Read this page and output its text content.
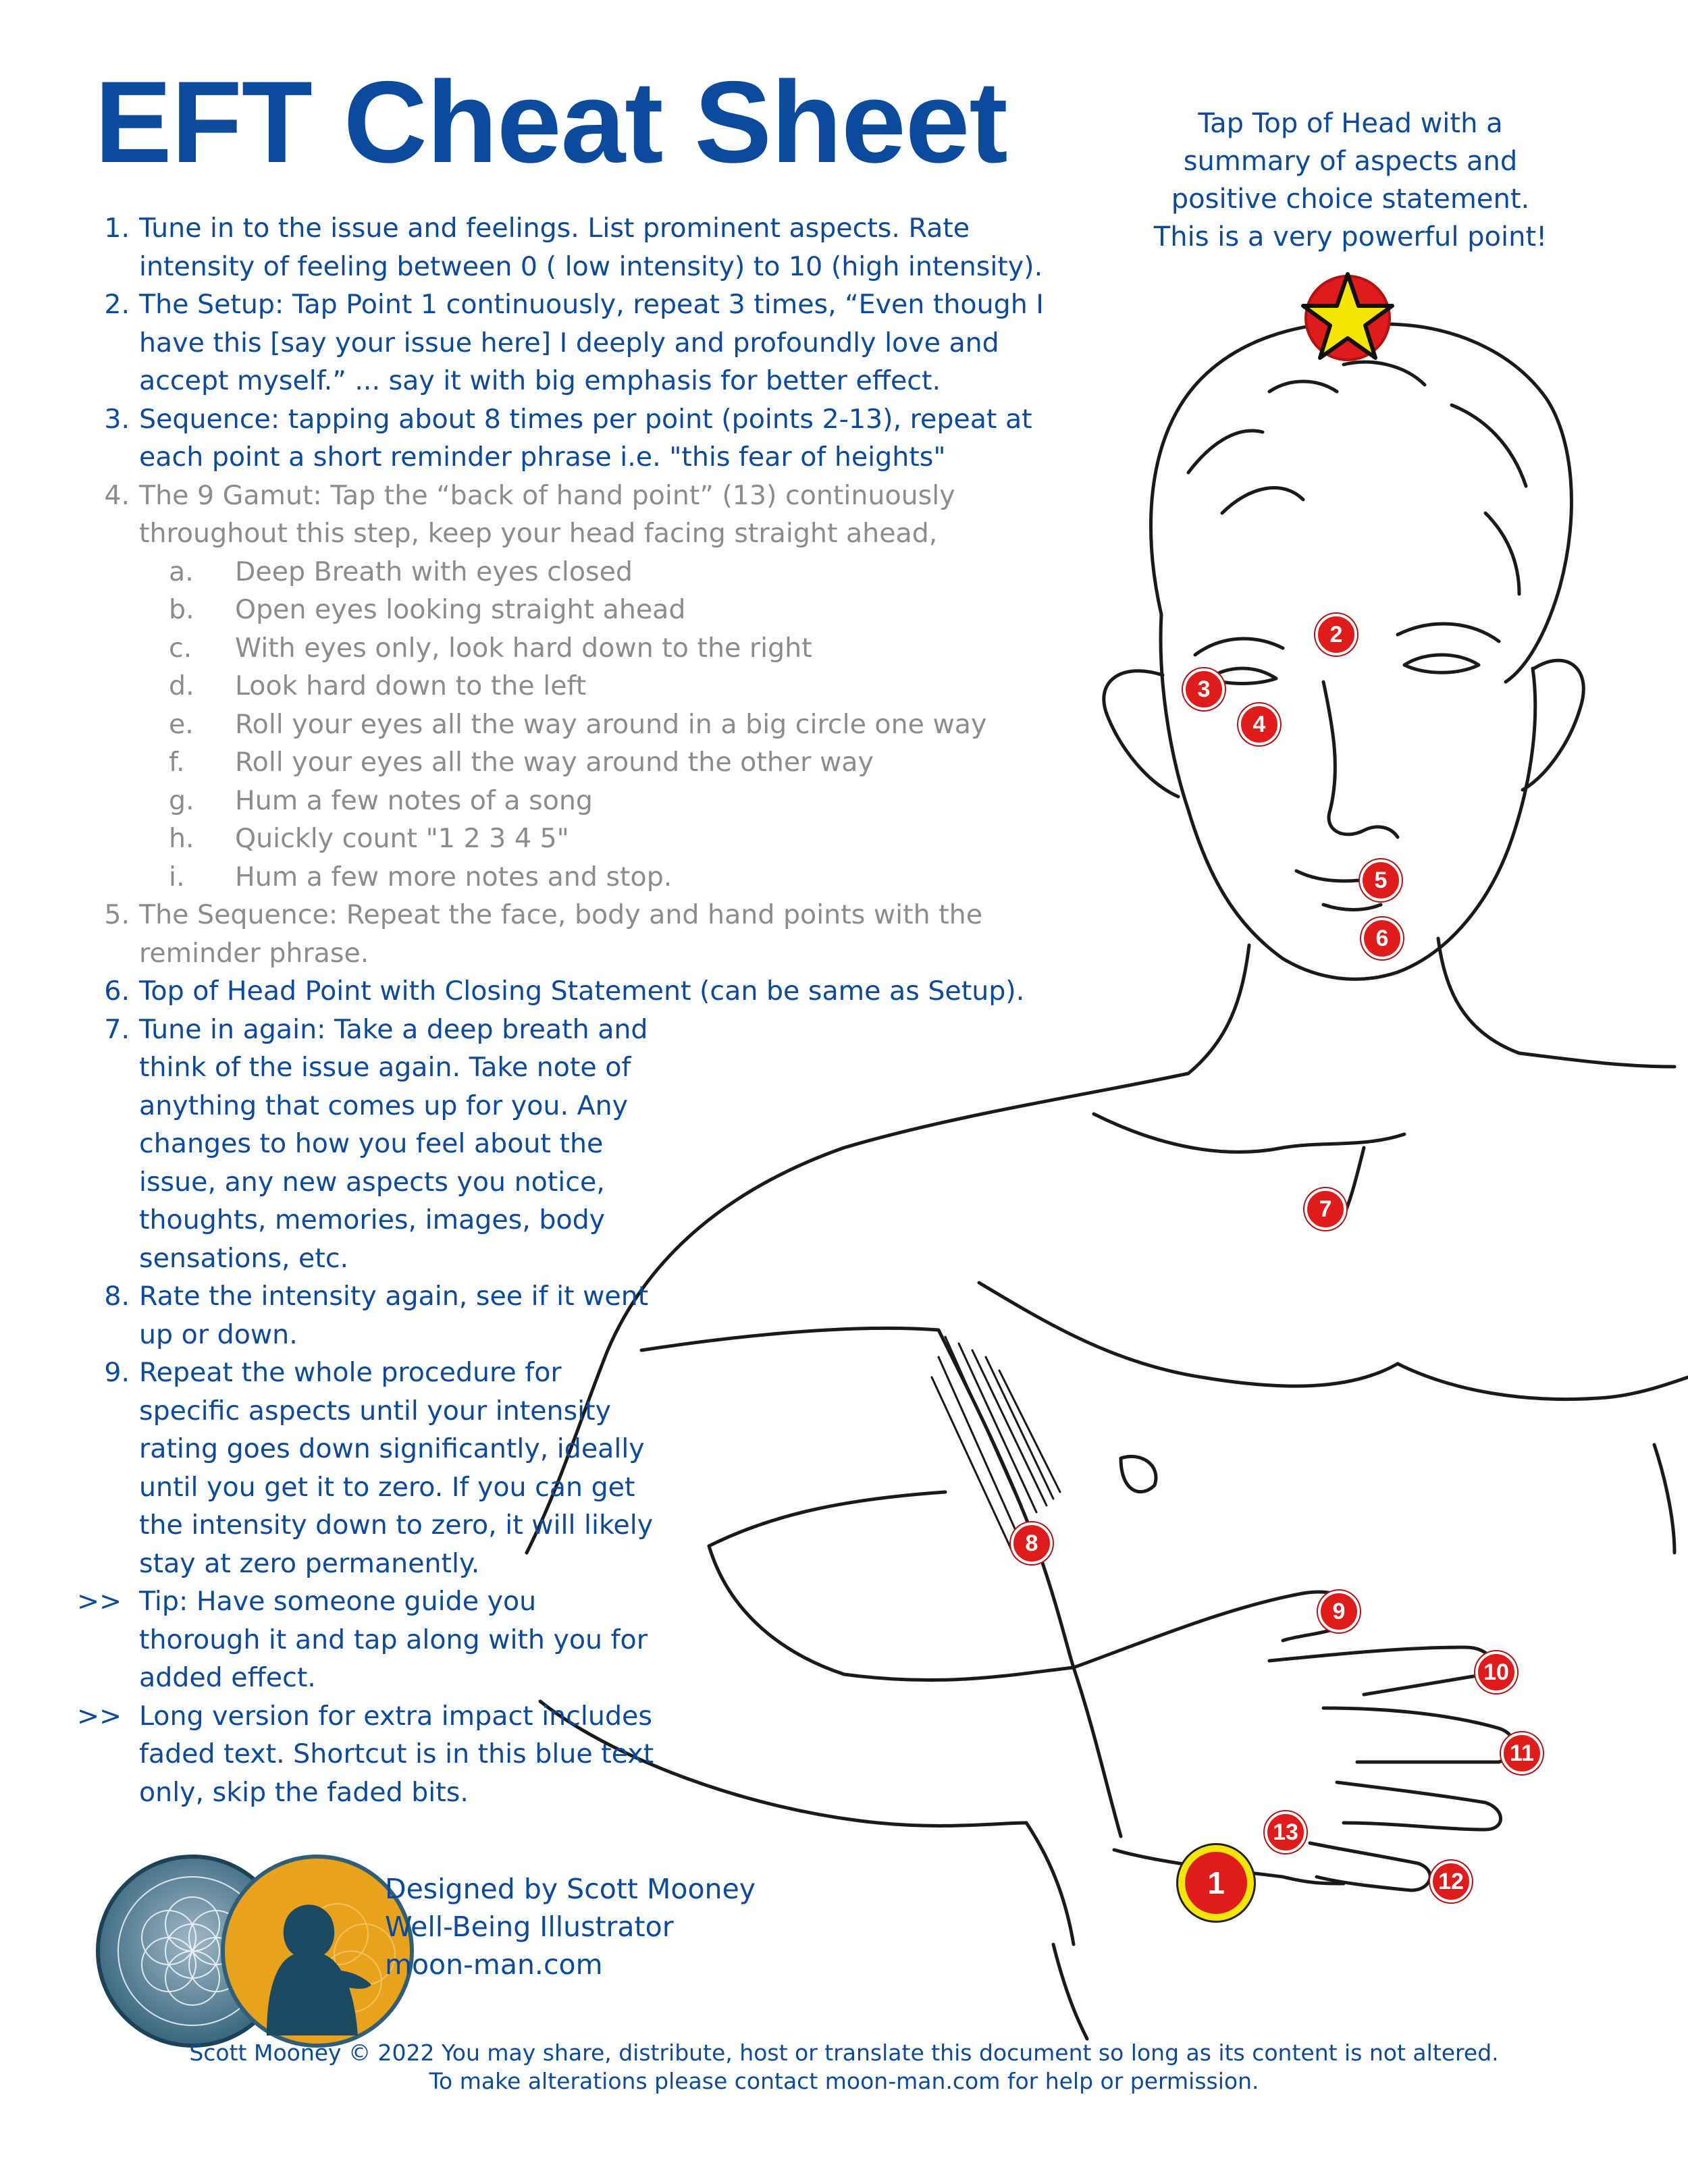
EFT Cheat Sheet	Tap Top of Head with a
summary of aspects and
positive choice statement.
This is a very powerful point!
1
2
3
4
5
6
7
8
9
10
11
12
13
1. Tune in to the issue and feelings. List prominent aspects. Rate
intensity of feeling between 0 ( low intensity) to 10 (high intensity).
2. The Setup: Tap Point 1 continuously, repeat 3 times, “Even though I
have this [say your issue here] I deeply and profoundly love and
accept myself.” ... say it with big emphasis for better effect.
3. Sequence: tapping about 8 times per point (points 2-13), repeat at
each point a short reminder phrase i.e. "this fear of heights"
4. The 9 Gamut: Tap the “back of hand point” (13) continuously
throughout this step, keep your head facing straight ahead,
a. Deep Breath with eyes closed
b. Open eyes looking straight ahead
c. With eyes only, look hard down to the right
d. Look hard down to the left
e. Roll your eyes all the way around in a big circle one way
f. Roll your eyes all the way around the other way
g. Hum a few notes of a song
h. Quickly count "1 2 3 4 5"
i. Hum a few more notes and stop.
5. The Sequence: Repeat the face, body and hand points with the
reminder phrase.
6. Top of Head Point with Closing Statement (can be same as Setup).
7. Tune in again: Take a deep breath and
think of the issue again. Take note of
anything that comes up for you. Any
changes to how you feel about the
issue, any new aspects you notice,
thoughts, memories, images, body
sensations, etc.
8. Rate the intensity again, see if it went
up or down.
9. Repeat the whole procedure for
specific aspects until your intensity
rating goes down significantly, ideally
until you get it to zero. If you can get
the intensity down to zero, it will likely
stay at zero permanently.
>> Tip: Have someone guide you
thorough it and tap along with you for
added effect.
>> Long version for extra impact includes
faded text. Shortcut is in this blue text
only, skip the faded bits.
Designed by Scott Mooney
Well-Being Illustrator
moon-man.com
Scott Mooney © 2022 You may share, distribute, host or translate this document so long as its content is not altered.
To make alterations please contact moon-man.com for help or permission.
